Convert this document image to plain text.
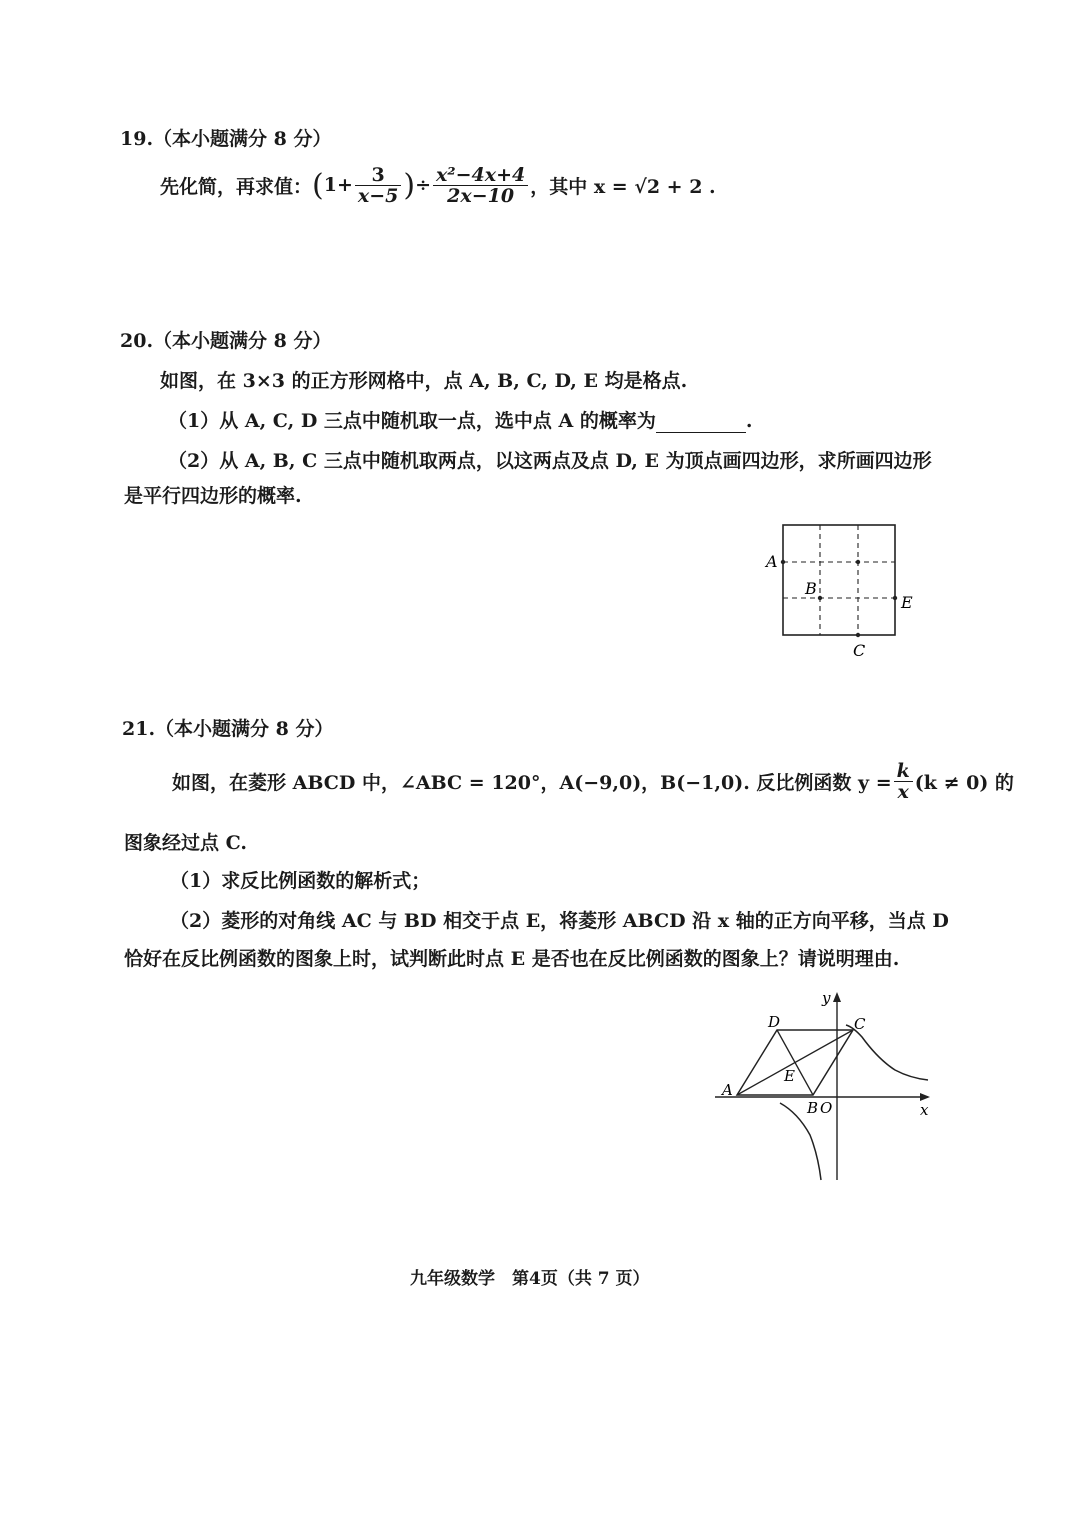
19.（本小题满分 8 分）
先化简，再求值： ( $1+ \frac{3}{x-5}$ ) ÷ $\frac{\text{x²−4x+4}}{2x-10}$ ，其中 x = √2 + 2 .
20.（本小题满分 8 分）
如图，在 3×3 的正方形网格中，点 A, B, C, D, E 均是格点.
（1）从 A, C, D 三点中随机取一点，选中点 A 的概率为	.
（2）从 A, B, C 三点中随机取两点，以这两点及点 D, E 为顶点画四边形，求所画四边形
是平行四边形的概率.
A
B
E
C
21.（本小题满分 8 分）
如图，在菱形 ABCD 中，∠ABC = 120°，A(−9,0)，B(−1,0). 反比例函数 $y = \frac{k}{x} (k \ne 0)$ 的
图象经过点 C.
（1）求反比例函数的解析式；
（2）菱形的对角线 AC 与 BD 相交于点 E，将菱形 ABCD 沿 x 轴的正方向平移，当点 D
恰好在反比例函数的图象上时，试判断此时点 E 是否也在反比例函数的图象上？请说明理由.
y
x
A
D	C
E
B O
九年级数学　第4页（共 7 页）
